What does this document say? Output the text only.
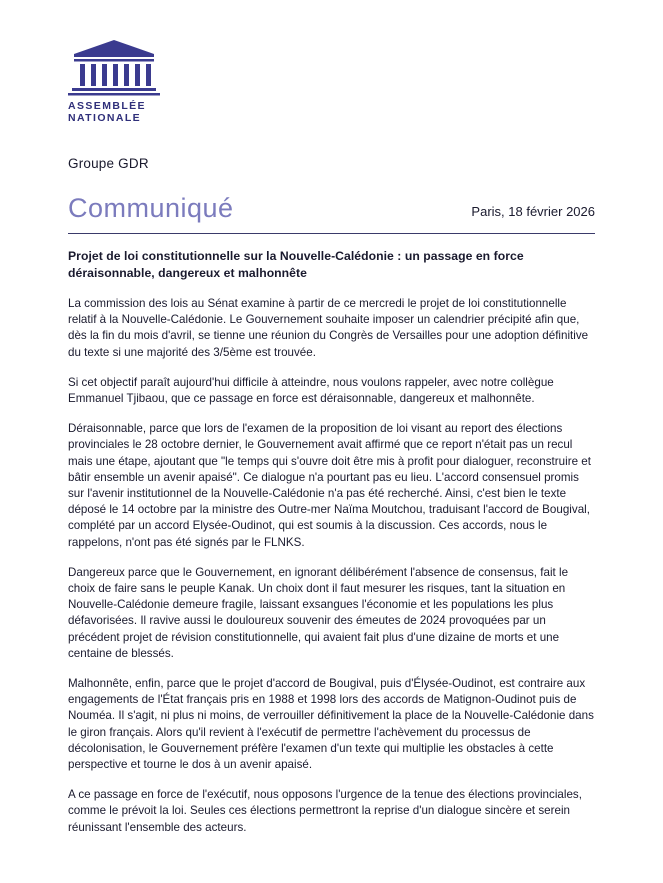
ASSEMBLÉE
NATIONALE
Groupe GDR
Communiqué	Paris, 18 février 2026
Projet de loi constitutionnelle sur la Nouvelle-Calédonie : un passage en force déraisonnable, dangereux et malhonnête

La commission des lois au Sénat examine à partir de ce mercredi le projet de loi constitutionnelle relatif à la Nouvelle-Calédonie. Le Gouvernement souhaite imposer un calendrier précipité afin que, dès la fin du mois d'avril, se tienne une réunion du Congrès de Versailles pour une adoption définitive du texte si une majorité des 3/5ème est trouvée.

Si cet objectif paraît aujourd'hui difficile à atteindre, nous voulons rappeler, avec notre collègue Emmanuel Tjibaou, que ce passage en force est déraisonnable, dangereux et malhonnête.

Déraisonnable, parce que lors de l'examen de la proposition de loi visant au report des élections provinciales le 28 octobre dernier, le Gouvernement avait affirmé que ce report n'était pas un recul mais une étape, ajoutant que "le temps qui s'ouvre doit être mis à profit pour dialoguer, reconstruire et bâtir ensemble un avenir apaisé". Ce dialogue n'a pourtant pas eu lieu. L'accord consensuel promis sur l'avenir institutionnel de la Nouvelle-Calédonie n'a pas été recherché. Ainsi, c'est bien le texte déposé le 14 octobre par la ministre des Outre-mer Naïma Moutchou, traduisant l'accord de Bougival, complété par un accord Elysée-Oudinot, qui est soumis à la discussion. Ces accords, nous le rappelons, n'ont pas été signés par le FLNKS.

Dangereux parce que le Gouvernement, en ignorant délibérément l'absence de consensus, fait le choix de faire sans le peuple Kanak. Un choix dont il faut mesurer les risques, tant la situation en Nouvelle-Calédonie demeure fragile, laissant exsangues l'économie et les populations les plus défavorisées. Il ravive aussi le douloureux souvenir des émeutes de 2024 provoquées par un précédent projet de révision constitutionnelle, qui avaient fait plus d'une dizaine de morts et une centaine de blessés.

Malhonnête, enfin, parce que le projet d'accord de Bougival, puis d'Élysée-Oudinot, est contraire aux engagements de l'État français pris en 1988 et 1998 lors des accords de Matignon-Oudinot puis de Nouméa. Il s'agit, ni plus ni moins, de verrouiller définitivement la place de la Nouvelle-Calédonie dans le giron français. Alors qu'il revient à l'exécutif de permettre l'achèvement du processus de décolonisation, le Gouvernement préfère l'examen d'un texte qui multiplie les obstacles à cette perspective et tourne le dos à un avenir apaisé.

A ce passage en force de l'exécutif, nous opposons l'urgence de la tenue des élections provinciales, comme le prévoit la loi. Seules ces élections permettront la reprise d'un dialogue sincère et serein réunissant l'ensemble des acteurs.
